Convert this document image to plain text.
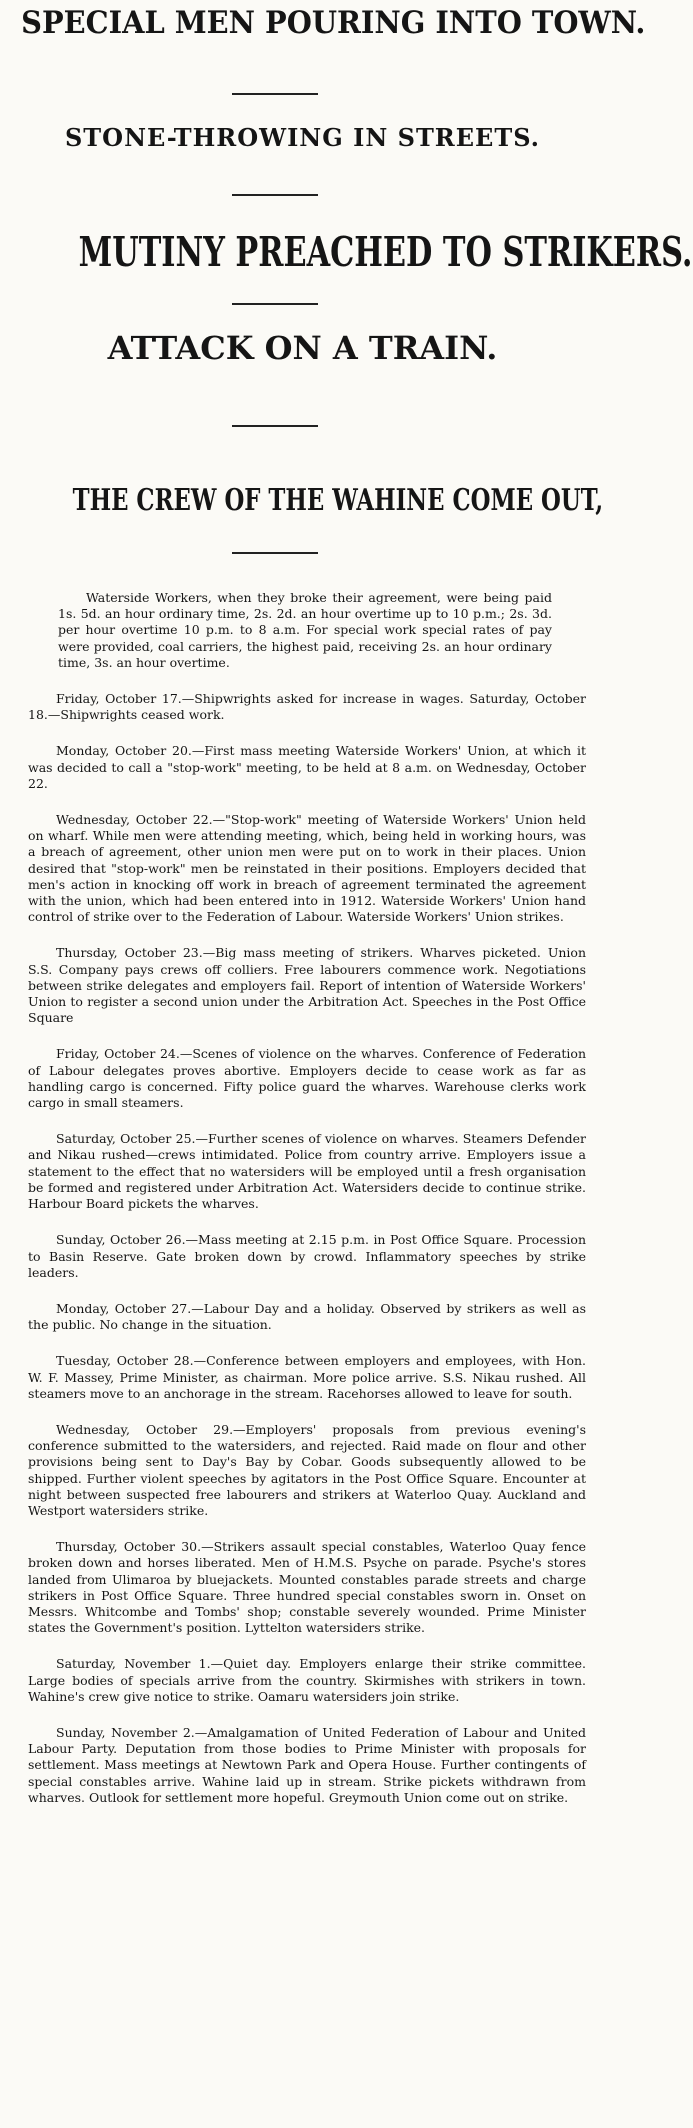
SPECIAL MEN POURING INTO TOWN.

STONE-THROWING IN STREETS.

MUTINY PREACHED TO STRIKERS.

ATTACK ON A TRAIN.

THE CREW OF THE WAHINE COME OUT,

Waterside Workers, when they broke their agreement, were being paid 1s. 5d. an hour ordinary time, 2s. 2d. an hour overtime up to 10 p.m.; 2s. 3d. per hour overtime 10 p.m. to 8 a.m. For special work special rates of pay were provided, coal carriers, the highest paid, receiving 2s. an hour ordinary time, 3s. an hour overtime.

Friday, October 17.—Shipwrights asked for increase in wages. Saturday, October 18.—Shipwrights ceased work.

Monday, October 20.—First mass meeting Waterside Workers' Union, at which it was decided to call a "stop-work" meeting, to be held at 8 a.m. on Wednesday, October 22.

Wednesday, October 22.—"Stop-work" meeting of Waterside Workers' Union held on wharf. While men were attending meeting, which, being held in working hours, was a breach of agreement, other union men were put on to work in their places. Union desired that "stop-work" men be reinstated in their positions. Employers decided that men's action in knocking off work in breach of agreement terminated the agreement with the union, which had been entered into in 1912. Waterside Workers' Union hand control of strike over to the Federation of Labour. Waterside Workers' Union strikes.

Thursday, October 23.—Big mass meeting of strikers. Wharves picketed. Union S.S. Company pays crews off colliers. Free labourers commence work. Negotiations between strike delegates and employers fail. Report of intention of Waterside Workers' Union to register a second union under the Arbitration Act. Speeches in the Post Office Square

Friday, October 24.—Scenes of violence on the wharves. Conference of Federation of Labour delegates proves abortive. Employers decide to cease work as far as handling cargo is concerned. Fifty police guard the wharves. Warehouse clerks work cargo in small steamers.

Saturday, October 25.—Further scenes of violence on wharves. Steamers Defender and Nikau rushed—crews intimidated. Police from country arrive. Employers issue a statement to the effect that no watersiders will be employed until a fresh organisation be formed and registered under Arbitration Act. Watersiders decide to continue strike. Harbour Board pickets the wharves.

Sunday, October 26.—Mass meeting at 2.15 p.m. in Post Office Square. Procession to Basin Reserve. Gate broken down by crowd. Inflammatory speeches by strike leaders.

Monday, October 27.—Labour Day and a holiday. Observed by strikers as well as the public. No change in the situation.

Tuesday, October 28.—Conference between employers and employees, with Hon. W. F. Massey, Prime Minister, as chairman. More police arrive. S.S. Nikau rushed. All steamers move to an anchorage in the stream. Racehorses allowed to leave for south.

Wednesday, October 29.—Employers' proposals from previous evening's conference submitted to the watersiders, and rejected. Raid made on flour and other provisions being sent to Day's Bay by Cobar. Goods subsequently allowed to be shipped. Further violent speeches by agitators in the Post Office Square. Encounter at night between suspected free labourers and strikers at Waterloo Quay. Auckland and Westport watersiders strike.

Thursday, October 30.—Strikers assault special constables, Waterloo Quay fence broken down and horses liberated. Men of H.M.S. Psyche on parade. Psyche's stores landed from Ulimaroa by bluejackets. Mounted constables parade streets and charge strikers in Post Office Square. Three hundred special constables sworn in. Onset on Messrs. Whitcombe and Tombs' shop; constable severely wounded. Prime Minister states the Government's position. Lyttelton watersiders strike.

Saturday, November 1.—Quiet day. Employers enlarge their strike committee. Large bodies of specials arrive from the country. Skirmishes with strikers in town. Wahine's crew give notice to strike. Oamaru watersiders join strike.

Sunday, November 2.—Amalgamation of United Federation of Labour and United Labour Party. Deputation from those bodies to Prime Minister with proposals for settlement. Mass meetings at Newtown Park and Opera House. Further contingents of special constables arrive. Wahine laid up in stream. Strike pickets withdrawn from wharves. Outlook for settlement more hopeful. Greymouth Union come out on strike.
